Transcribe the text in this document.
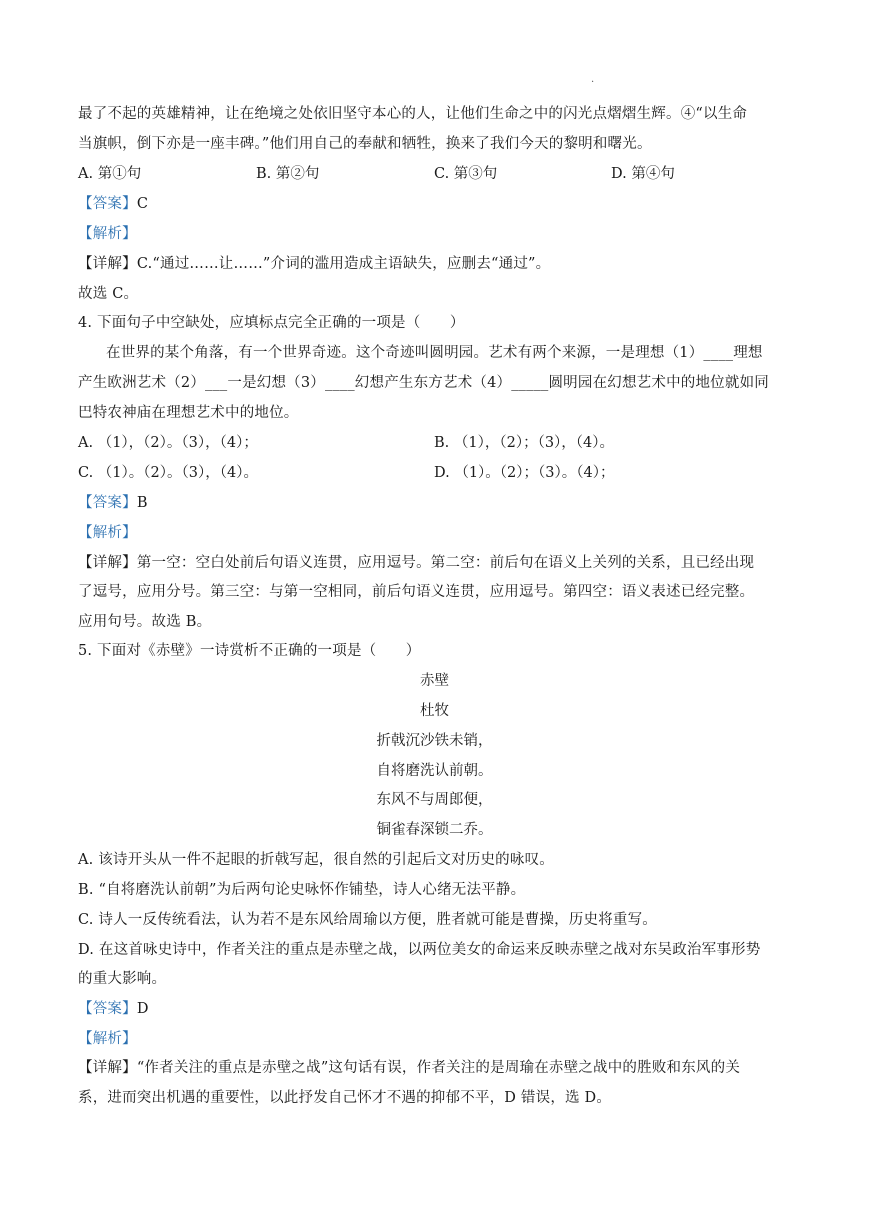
.
最了不起的英雄精神，让在绝境之处依旧坚守本心的人，让他们生命之中的闪光点熠熠生辉。④“以生命
当旗帜，倒下亦是一座丰碑。”他们用自己的奉献和牺牲，换来了我们今天的黎明和曙光。
A. 第①句	B. 第②句	C. 第③句	D. 第④句
【答案】C
【解析】
【详解】C.“通过……让……”介词的滥用造成主语缺失，应删去“通过”。
故选 C。
4. 下面句子中空缺处，应填标点完全正确的一项是（　　）
在世界的某个角落，有一个世界奇迹。这个奇迹叫圆明园。艺术有两个来源，一是理想（1）____理想
产生欧洲艺术（2）___一是幻想（3）____幻想产生东方艺术（4）_____圆明园在幻想艺术中的地位就如同
巴特农神庙在理想艺术中的地位。
A. （1），（2）。（3），（4）；	B. （1），（2）；（3），（4）。
C. （1）。（2）。（3），（4）。	D. （1）。（2）；（3）。（4）；
【答案】B
【解析】
【详解】第一空：空白处前后句语义连贯，应用逗号。第二空：前后句在语义上关列的关系，且已经出现
了逗号，应用分号。第三空：与第一空相同，前后句语义连贯，应用逗号。第四空：语义表述已经完整。
应用句号。故选 B。
5. 下面对《赤壁》一诗赏析不正确的一项是（　　）
赤壁
杜牧
折戟沉沙铁未销，
自将磨洗认前朝。
东风不与周郎便，
铜雀春深锁二乔。
A. 该诗开头从一件不起眼的折戟写起，很自然的引起后文对历史的咏叹。
B. “自将磨洗认前朝”为后两句论史咏怀作铺垫，诗人心绪无法平静。
C. 诗人一反传统看法，认为若不是东风给周瑜以方便，胜者就可能是曹操，历史将重写。
D. 在这首咏史诗中，作者关注的重点是赤壁之战，以两位美女的命运来反映赤壁之战对东吴政治军事形势
的重大影响。
【答案】D
【解析】
【详解】“作者关注的重点是赤壁之战”这句话有误，作者关注的是周瑜在赤壁之战中的胜败和东风的关
系，进而突出机遇的重要性，以此抒发自己怀才不遇的抑郁不平，D 错误，选 D。
